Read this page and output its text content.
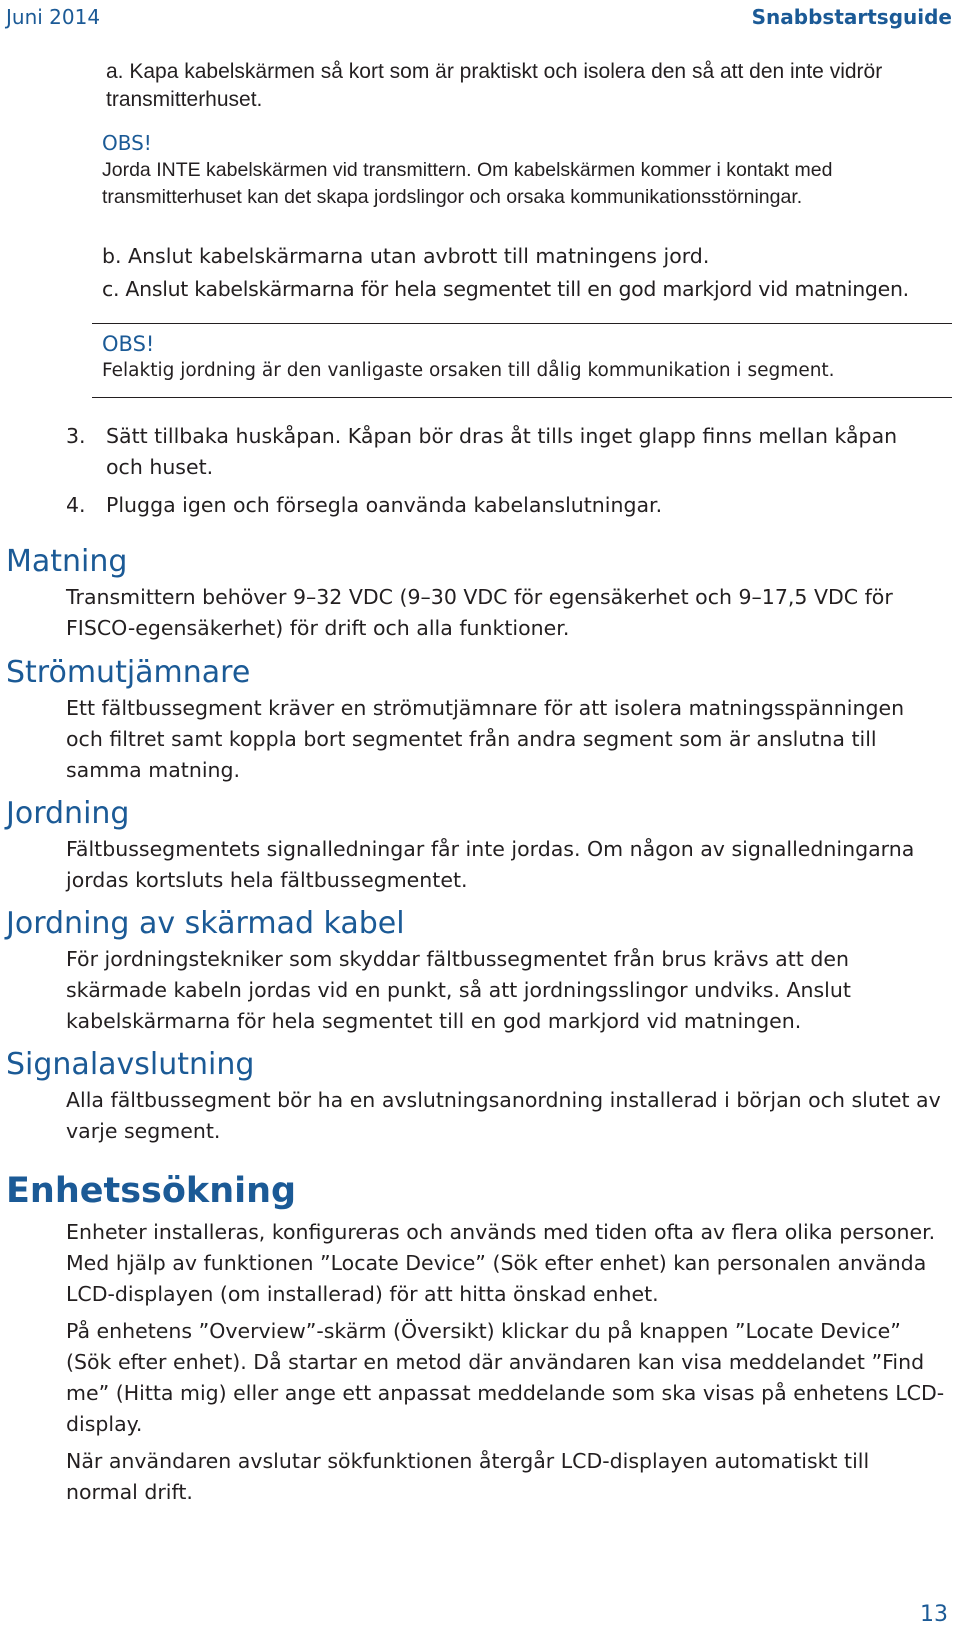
Juni 2014	Snabbstartsguide
a. Kapa kabelskärmen så kort som är praktiskt och isolera den så att den inte vidrör transmitterhuset.
OBS!
Jorda INTE kabelskärmen vid transmittern. Om kabelskärmen kommer i kontakt med transmitterhuset kan det skapa jordslingor och orsaka kommunikationsstörningar.
b. Anslut kabelskärmarna utan avbrott till matningens jord.
c. Anslut kabelskärmarna för hela segmentet till en god markjord vid matningen.
OBS!
Felaktig jordning är den vanligaste orsaken till dålig kommunikation i segment.
3. Sätt tillbaka huskåpan. Kåpan bör dras åt tills inget glapp finns mellan kåpan och huset.
4. Plugga igen och försegla oanvända kabelanslutningar.
Matning
Transmittern behöver 9–32 VDC (9–30 VDC för egensäkerhet och 9–17,5 VDC för FISCO-egensäkerhet) för drift och alla funktioner.
Strömutjämnare
Ett fältbussegment kräver en strömutjämnare för att isolera matningsspänningen och filtret samt koppla bort segmentet från andra segment som är anslutna till samma matning.
Jordning
Fältbussegmentets signalledningar får inte jordas. Om någon av signalledningarna jordas kortsluts hela fältbussegmentet.
Jordning av skärmad kabel
För jordningstekniker som skyddar fältbussegmentet från brus krävs att den skärmade kabeln jordas vid en punkt, så att jordningsslingor undviks. Anslut kabelskärmarna för hela segmentet till en god markjord vid matningen.
Signalavslutning
Alla fältbussegment bör ha en avslutningsanordning installerad i början och slutet av varje segment.
Enhetssökning
Enheter installeras, konfigureras och används med tiden ofta av flera olika personer. Med hjälp av funktionen ”Locate Device” (Sök efter enhet) kan personalen använda LCD-displayen (om installerad) för att hitta önskad enhet.
På enhetens ”Overview”-skärm (Översikt) klickar du på knappen ”Locate Device” (Sök efter enhet). Då startar en metod där användaren kan visa meddelandet ”Find me” (Hitta mig) eller ange ett anpassat meddelande som ska visas på enhetens LCD-display.
När användaren avslutar sökfunktionen återgår LCD-displayen automatiskt till normal drift.
13
